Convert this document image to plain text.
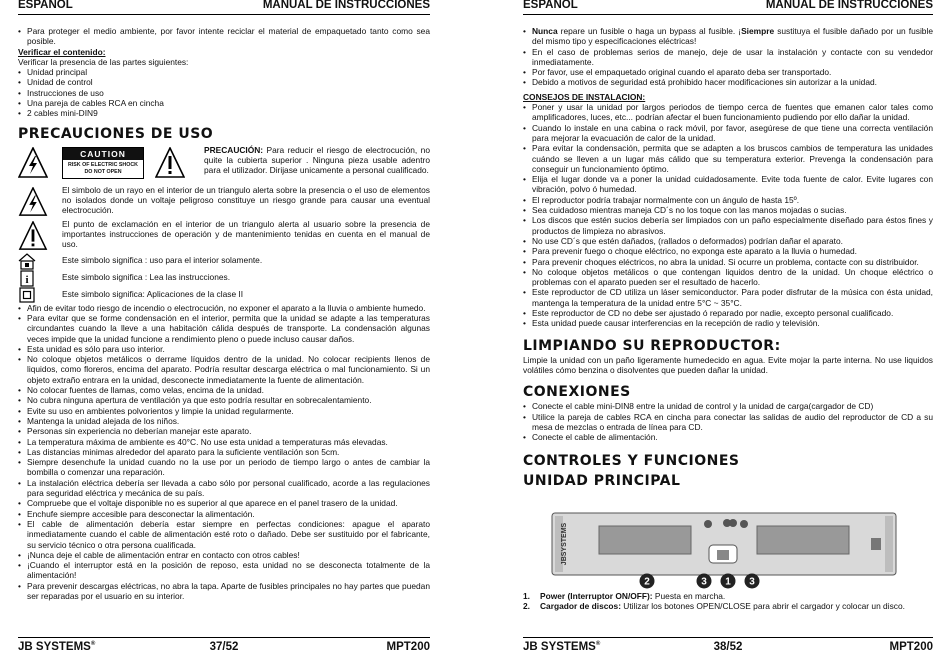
ESPAÑOL	MANUAL DE INSTRUCCIONES
• Para proteger el medio ambiente, por favor intente reciclar el material de empaquetado tanto como sea posible.

Verificar el contenido:

Verificar la presencia de las partes siguientes:

• Unidad principal
• Unidad de control
• Instrucciones de uso
• Una pareja de cables RCA en cincha
• 2 cables mini-DIN9
PRECAUCIONES DE USO
CAUTION
RISK OF ELECTRIC SHOCK
DO NOT OPEN
PRECAUCIÓN: Para reducir el riesgo de electrocución, no quite la cubierta superior . Ninguna pieza usable adentro para el utilizador. Dirijase unicamente a personal cualificado.
El simbolo de un rayo en el interior de un triangulo alerta sobre la presencia o el uso de elementos no isolados donde un voltaje peligroso constituye un riesgo grande para causar una eventual electrocución.
El punto de exclamación en el interior de un triangulo alerta al usuario sobre la presencia de importantes instrucciones de operación y de mantenimiento tenidas en cuenta en el manual de uso.
Este simbolo significa : uso para el interior solamente.
i	Este simbolo significa : Lea las instrucciones.
Este simbolo significa: Aplicaciones de la clase II
• Afin de evitar todo riesgo de incendio o electrocución, no exponer el aparato a la lluvia o ambiente humedo.
• Para evitar que se forme condensación en el interior, permita que la unidad se adapte a las temperaturas circundantes cuando la lleve a una habitación cálida después de transporte. La condensación algunas veces impide que la unidad funcione a rendimiento pleno o puede incluso causar daños.
• Esta unidad es sólo para uso interior.
• No coloque objetos metálicos o derrame líquidos dentro de la unidad. No colocar recipients llenos de liquidos, como floreros, encima del aparato. Podría resultar descarga eléctrica o mal funcionamiento. Si un objeto extraño entrara en la unidad, desconecte inmediatamente la fuente de alimentación.
• No colocar fuentes de llamas, como velas, encima de la unidad.
• No cubra ninguna apertura de ventilación ya que esto podría resultar en sobrecalentamiento.
• Evite su uso en ambientes polvorientos y limpie la unidad regularmente.
• Mantenga la unidad alejada de los niños.
• Personas sin experiencia no deberían manejar este aparato.
• La temperatura máxima de ambiente es 40°C. No use esta unidad a temperaturas más elevadas.
• Las distancias minimas alrededor del aparato para la suficiente ventilación son 5cm.
• Siempre desenchufe la unidad cuando no la use por un periodo de tiempo largo o antes de cambiar la bombilla o comenzar una reparación.
• La instalación eléctrica debería ser llevada a cabo sólo por personal cualificado, acorde a las regulaciones para seguridad eléctrica y mecánica de su país.
• Compruebe que el voltaje disponible no es superior al que aparece en el panel trasero de la unidad.
• Enchufe siempre accesible para desconectar la alimentación.
• El cable de alimentación debería estar siempre en perfectas condiciones: apague el aparato inmediatamente cuando el cable de alimentación esté roto o dañado. Debe ser sustituido por el fabricante, su servicio técnico o otra persona cualificada.
• ¡Nunca deje el cable de alimentación entrar en contacto con otros cables!
• ¡Cuando el interruptor está en la posición de reposo, esta unidad no se desconecta totalmente de la alimentación!
• Para prevenir descargas eléctricas, no abra la tapa. Aparte de fusibles principales no hay partes que puedan ser reparadas por el usuario en su interior.
JB SYSTEMS®	37/52	MPT200
ESPAÑOL	MANUAL DE INSTRUCCIONES
• Nunca repare un fusible o haga un bypass al fusible. ¡Siempre sustituya el fusible dañado por un fusible del mismo tipo y especificaciones eléctricas!
• En el caso de problemas serios de manejo, deje de usar la instalación y contacte con su vendedor inmediatamente.
• Por favor, use el empaquetado original cuando el aparato deba ser transportado.
• Debido a motivos de seguridad está prohibido hacer modificaciones sin autorizar a la unidad.

CONSEJOS DE INSTALACION:

• Poner y usar la unidad por largos periodos de tiempo cerca de fuentes que emanen calor tales como amplificadores, luces, etc... podrían afectar el buen funcionamiento pudiendo por ello dañar la unidad.
• Cuando lo instale en una cabina o rack móvil, por favor, asegúrese de que tiene una correcta ventilación para mejorar la evacuación de calor de la unidad.
• Para evitar la condensación, permita que se adapten a los bruscos cambios de temperatura las unidades cuándo se lleven a un lugar más cálido que su temperatura exterior. Prevenga la condensación para conseguir un funcionamiento óptimo.
• Elija el lugar donde va a poner la unidad cuidadosamente. Evite toda fuente de calor. Evite lugares con vibración, polvo ó humedad.
• El reproductor podría trabajar normalmente con un ángulo de hasta 15º.
• Sea cuidadoso mientras maneja CD´s no los toque con las manos mojadas o sucias.
• Los discos que estén sucios debería ser limpiados con un paño especialmente diseñado para éstos fines y productos de limpieza no abrasivos.
• No use CD´s que estén dañados, (rallados o deformados) podrían dañar el aparato.
• Para prevenir fuego o choque eléctrico, no exponga este aparato a la lluvia o humedad.
• Para prevenir choques eléctricos, no abra la unidad. Si ocurre un problema, contacte con su distribuidor.
• No coloque objetos metálicos o que contengan liquidos dentro de la unidad. Un choque eléctrico o problemas con el aparato pueden ser el resultado de hacerlo.
• Este reproductor de CD utiliza un láser semiconductor. Para poder disfrutar de la música con ésta unidad, mantenga la temperatura de la unidad entre 5°C ~ 35°C.
• Este reproductor de CD no debe ser ajustado ó reparado por nadie, excepto personal cualificado.
• Esta unidad puede causar interferencias en la recepción de radio y televisión.
LIMPIANDO SU REPRODUCTOR:

Limpie la unidad con un paño ligeramente humedecido en agua. Evite mojar la parte interna. No use liquidos volátiles cómo benzina o disolventes que pueden dañar la unidad.

CONEXIONES
• Conecte el cable mini-DIN8 entre la unidad de control y la unidad de carga(cargador de CD)
• Utilice la pareja de cables RCA en cincha para conectar las salidas de audio del reproductor de CD a su mesa de mezclas o entrada de línea para CD.
• Conecte el cable de alimentación.
CONTROLES Y FUNCIONES
UNIDAD PRINCIPAL
JBSYSTEMS
2	3 1 3
1. Power (Interruptor ON/OFF): Puesta en marcha.
2. Cargador de discos: Utilizar los botones OPEN/CLOSE para abrir el cargador y colocar un disco.
JB SYSTEMS®	38/52	MPT200
